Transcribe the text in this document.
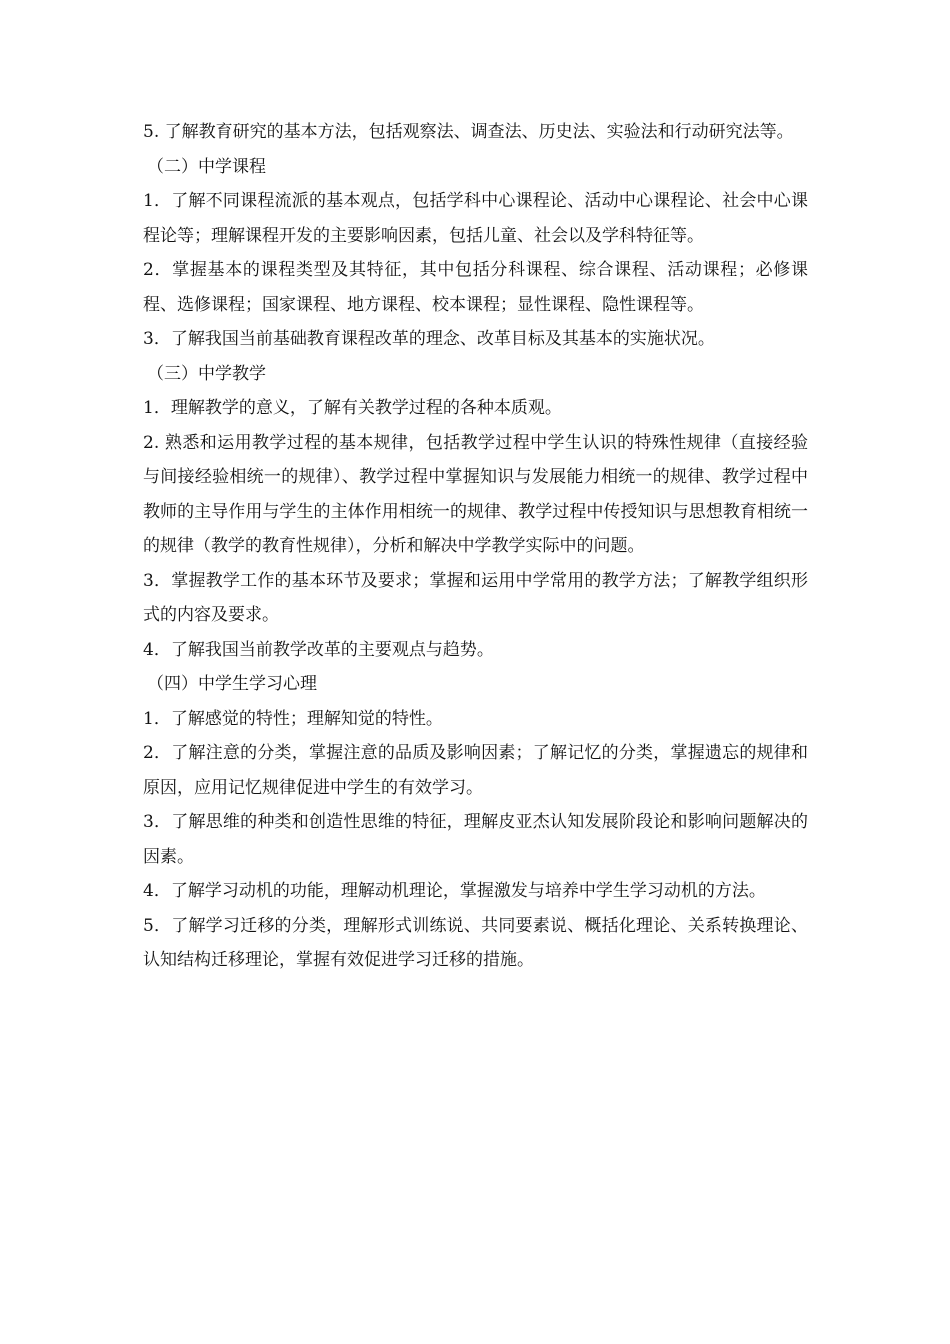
5. 了解教育研究的基本方法，包括观察法、调查法、历史法、实验法和行动研究法等。

（二）中学课程

1．了解不同课程流派的基本观点，包括学科中心课程论、活动中心课程论、社会中心课程论等；理解课程开发的主要影响因素，包括儿童、社会以及学科特征等。

2．掌握基本的课程类型及其特征，其中包括分科课程、综合课程、活动课程；必修课程、选修课程；国家课程、地方课程、校本课程；显性课程、隐性课程等。

3．了解我国当前基础教育课程改革的理念、改革目标及其基本的实施状况。

（三）中学教学

1．理解教学的意义，了解有关教学过程的各种本质观。

2. 熟悉和运用教学过程的基本规律，包括教学过程中学生认识的特殊性规律（直接经验与间接经验相统一的规律）、教学过程中掌握知识与发展能力相统一的规律、教学过程中教师的主导作用与学生的主体作用相统一的规律、教学过程中传授知识与思想教育相统一的规律（教学的教育性规律），分析和解决中学教学实际中的问题。

3．掌握教学工作的基本环节及要求；掌握和运用中学常用的教学方法；了解教学组织形式的内容及要求。

4．了解我国当前教学改革的主要观点与趋势。

（四）中学生学习心理

1．了解感觉的特性；理解知觉的特性。

2．了解注意的分类，掌握注意的品质及影响因素；了解记忆的分类，掌握遗忘的规律和原因，应用记忆规律促进中学生的有效学习。

3．了解思维的种类和创造性思维的特征，理解皮亚杰认知发展阶段论和影响问题解决的因素。

4．了解学习动机的功能，理解动机理论，掌握激发与培养中学生学习动机的方法。

5．了解学习迁移的分类，理解形式训练说、共同要素说、概括化理论、关系转换理论、认知结构迁移理论，掌握有效促进学习迁移的措施。
